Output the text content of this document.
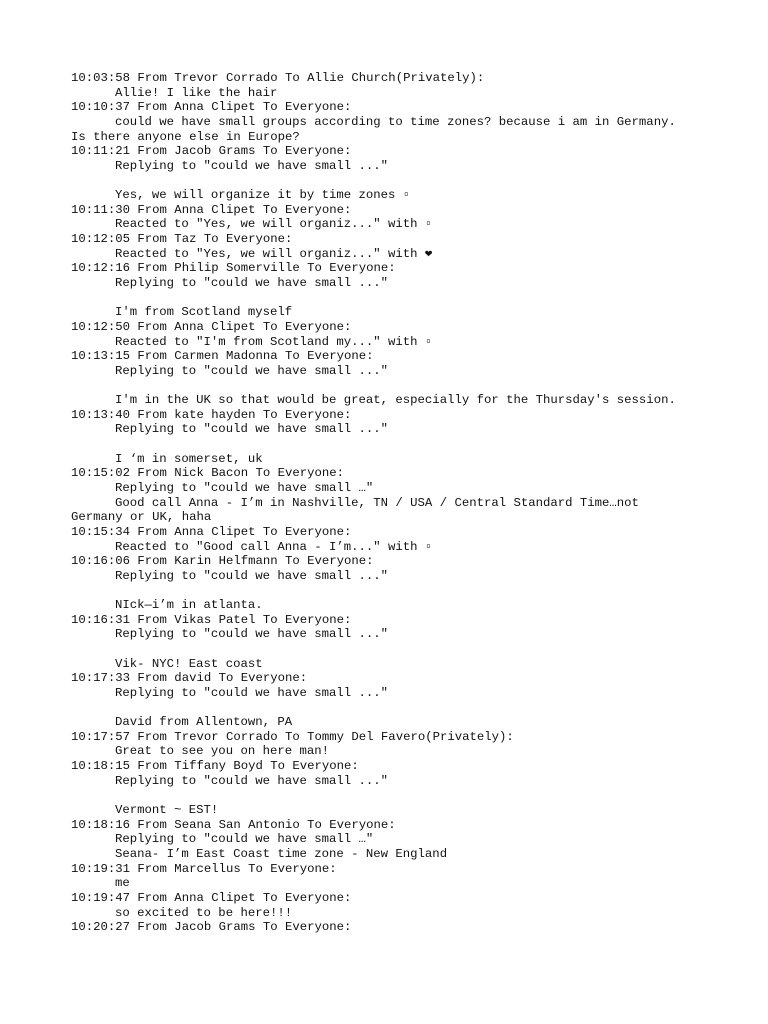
10:03:58 From Trevor Corrado To Allie Church(Privately):
Allie! I like the hair
10:10:37 From Anna Clipet To Everyone:
could we have small groups according to time zones? because i am in Germany.
Is there anyone else in Europe?
10:11:21 From Jacob Grams To Everyone:
Replying to "could we have small ..."
Yes, we will organize it by time zones ▫
10:11:30 From Anna Clipet To Everyone:
Reacted to "Yes, we will organiz..." with ▫
10:12:05 From Taz To Everyone:
Reacted to "Yes, we will organiz..." with ❤
10:12:16 From Philip Somerville To Everyone:
Replying to "could we have small ..."
I'm from Scotland myself
10:12:50 From Anna Clipet To Everyone:
Reacted to "I'm from Scotland my..." with ▫
10:13:15 From Carmen Madonna To Everyone:
Replying to "could we have small ..."
I'm in the UK so that would be great, especially for the Thursday's session.
10:13:40 From kate hayden To Everyone:
Replying to "could we have small ..."
I ‘m in somerset, uk
10:15:02 From Nick Bacon To Everyone:
Replying to "could we have small …"
Good call Anna - I’m in Nashville, TN / USA / Central Standard Time…not
Germany or UK, haha
10:15:34 From Anna Clipet To Everyone:
Reacted to "Good call Anna - I’m..." with ▫
10:16:06 From Karin Helfmann To Everyone:
Replying to "could we have small ..."
NIck—i’m in atlanta.
10:16:31 From Vikas Patel To Everyone:
Replying to "could we have small ..."
Vik- NYC! East coast
10:17:33 From david To Everyone:
Replying to "could we have small ..."
David from Allentown, PA
10:17:57 From Trevor Corrado To Tommy Del Favero(Privately):
Great to see you on here man!
10:18:15 From Tiffany Boyd To Everyone:
Replying to "could we have small ..."
Vermont ~ EST!
10:18:16 From Seana San Antonio To Everyone:
Replying to "could we have small …"
Seana- I’m East Coast time zone - New England
10:19:31 From Marcellus To Everyone:
me
10:19:47 From Anna Clipet To Everyone:
so excited to be here!!!
10:20:27 From Jacob Grams To Everyone:
